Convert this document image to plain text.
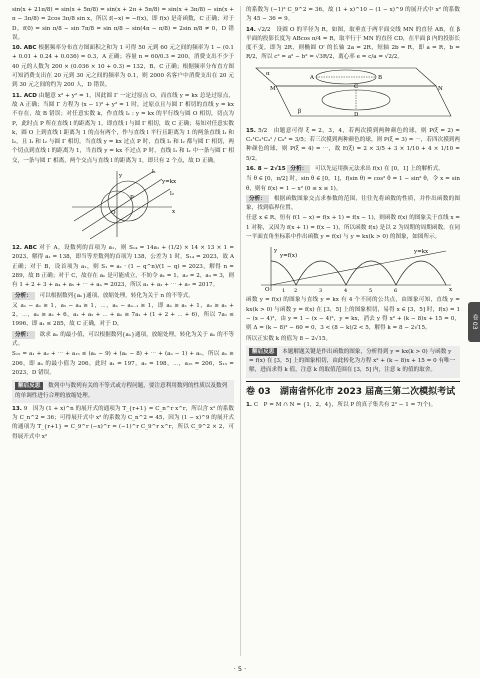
sin(x + 21π/8) = sin(x + 5π/8) = sin(x + 2π + 5π/8) = sin(x + 3π/8) − sin(x + π − 3π/8) = 2cos 3π/8 sin x，所以 f(−x) = −f(x)，即 f(x) 是奇函数，C 正确；对于 D，f(0) = sin π/8 − sin 7π/8 = sin π/8 − sin(4π − π/8) = 2sin π/8 ≠ 0，D 错误。

10. ABC 根据频率分布直方图面积之和为 1 可得 50 元到 60 元之间的频率为 1 − (0.1 + 0.01 + 0.24 + 0.036) = 0.3，A 正确；容量 n = 60/0.3 = 200，消费支出不少于 40 元的人数为 200 × (0.036 × 10 + 0.3) = 132，B、C 正确；根据频率分布直方图可知消费支出在 20 元到 30 元之间的频率为 0.1，则 2000 名客户中消费支出在 20 元到 30 元之间的约为 200 人，D 错误。

11. ACD 由题意 x² + y² = 1，因此圆 Γ 一定过原点 O，而直线 y = kx 总是过原点，故 A 正确；当圆 Γ 方程为 (x − 1)² + y² = 1 时，过原点且与圆 Γ 相切的直线 y = kx 不存在，故 B 错误；对任意实数 k，作直线 l₁ : y = kx 的平行线与圆 O 相切，切点为 P，此时点 P 所在直线 l 的距离为 1，即直线 l 与圆 Γ 相切，故 C 正确；易知对任意实数 k，圆 O 上到直线 l 距离为 1 的点有两个，作与直线 l 平行且距离为 1 的两条直线 l₁ 和 l₂，且 l₁ 和 l₂ 与圆 Γ 相切，当直线 y = kx 过点 P 时，直线 l₁ 和 l₂ 都与圆 Γ 相切，两个切点到直线 l 的距离为 1，当直线 y = kx 不过点 P 时，直线 l₁ 和 l₂ 中一条与圆 Γ 相交，一条与圆 Γ 相离，两个交点与直线 l 的距离为 1，即只有 2 个点，故 D 正确。

y
O	x
y=kx
l₁
l₂
P

12. ABC 对于 A，设数列的首项为 a₁，则 S₁₄ = 14a₁ + (1/2) × 14 × 13 × 1 = 2023，解得 a₁ = 138，即当等差数列的首项为 138，公差为 1 时，S₁₄ = 2023，故 A 正确；对于 B，设首项为 a₁，则 S₁ = a₁ · (1 − q^n)/(1 − q) = 2023，解得 n = 289，故 B 正确；对于 C，故存在 aₙ 是可能成立，不妨令 a₁ = 1，a₂ = 2，a₃ = 3，则有 1 + 2 + 3 + a₄ + a₅ + ⋯ + aₙ = 2023，所以 a₁ + a₂ + ⋯ + a₇ = 2017。

分析： 可以根据数列{aₙ}通项，放缩处理，转化为关于 n 的不等式。

又 aₙ − a₁ ≥ 1，a₅ − a₄ ≥ 1，⋯，aₙ − aₙ₋₁ ≥ 1，即 aₙ ≥ a₁ + 1，a₂ ≥ a₁ + 2，⋯，aₙ ≥ a₁ + 6，a₁ + a₂ + ⋯ + aₙ ≥ 7a₁ + (1 + 2 + ⋯ + 6)，所以 7a₁ ≤ 1996，即 a₁ ≤ 285，故 C 正确，对于 D，

分析： 欲求 aₙ 的最小值，可以根据数列{aₙ}通项，放缩处理，转化为关于 aₙ 的不等式。

S₁₅ = a₁ + a₂ + ⋯ + a₁₅ ≤ (aₙ − 9) + (aₙ − 8) + ⋯ + (aₙ − 1) + aₙ，所以 aₙ ≥ 206，即 aₙ 的最小值为 206，此时 a₁ = 197，a₂ = 198，⋯，a₁₅ = 206，S₁₅ = 2023，D 错误。

解后反思 数列中与数列有关的不等式或方程问题，要注意利用数列的性质以及数列的单调性进行合理的放缩处理。

13. 9　因为 (1 + x)^n 的展开式的通项为 T_{r+1} = C_n^r x^r，所以含 x² 的系数为 C_n^2 = 36；可得展开式中 x² 的系数为 C_n^2 = 45，因为 (1 − x)^9 的展开式的通项为 T_{r+1} = C_9^r (−x)^r = (−1)^r C_9^r x^r，所以 C_9^2 × 2，可得展开式中 x²

的系数为 (−1)² C_9^2 = 36，故 (1 + x)^10 − (1 − x)^9 的展开式中 x² 的系数为 45 − 36 = 9。

14. √2/2　设圆 O 的半径为 R，如图，取垂直于两平面交线 MN 的直径 AB，在 β 平面的投影长度为 ABcos π/4 = R，取平行于 MN 的直径 CD，在平面 β 内的投影长度不变，即为 2R，则椭圆 O' 的长轴 2a = 2R，短轴 2b = R，即 a = R，b = R/2，所以 c² = a² − b² = √3R/2，离心率 e = c/a = √2/2。

A	B
C
D
M	N
β
α

15. 5/2　由题意可得 ξ = 2，3，4，若两次摸到两种颜色的球，则 P(ξ = 2) = C₂¹C₃¹C₄¹ / C₉³ = 3/5；若三次摸到两种颜色的球，则 P(ξ = 3) = ⋯，若四次摸到两种颜色的球，则 P(ξ = 4) = ⋯，故 E(ξ) = 2 × 3/5 + 3 × 1/10 + 4 × 1/10 = 5/2。

16. 8 − 2√15 分析： 可以先运用换元法求出 f(x) 在 [0，1] 上的解析式。

当 θ ∈ [0，π/2] 时，sin θ ∈ [0，1]，f(sin θ) = cos² θ = 1 − sin² θ，令 x = sin θ，则有 f(x) = 1 − x² (0 ≤ x ≤ 1)。

分析： 根据函数图象交点求参数的范围，往往先将函数的性质，并作出函数的图象，找到临界位置。

任意 x ∈ R，恒有 f(1 − x) = f(x + 1) = f(x − 1)，则函数 f(x) 的图象关于直线 x = 1 对称，又因为 f(x + 1) = f(x − 1)，所以函数 f(x) 是以 2 为周期的周期函数。在同一平面直角坐标系中作出函数 y = f(x) 与 y = kx(k > 0) 的图象，如图所示。

y
O	x
y=kx
y=f(x)
1 2	3	4	5	6

函数 y = f(x) 的图象与直线 y = kx 有 4 个不同的公共点，由图象可知，直线 y = kx(k > 0) 与函数 y = f(x) 在 [3，5] 上的图象相切，易得 x ∈ [3，5] 时，f(x) = 1 − (x − 4)²，由 y = 1 − (x − 4)²，y = kx，消去 y 得 x² + (k − 8)x + 15 = 0，则 Δ = (k − 8)² − 60 = 0，3 < (8 − k)/2 < 5，解得 k = 8 − 2√15。

所以正实数 k 的值为 8 − 2√15。

解后反思 本题解题关键是作出函数的图象，分析得到 y = kx(k > 0) 与函数 y = f(x) 在 [3，5] 上的图象相切，由此转化为方程 x² + (k − 8)x + 15 = 0 有唯一解，进而求得 k 值，注意 k 的取值范围在 [3，5] 内，注意 k 的值的取舍。
卷 03 湖南省怀化市 2023 届高三第二次模拟考试

1. C　P = M ∩ N = {1，2，4}，所以 P 的真子集共有 2³ − 1 = 7(个)。

卷 03
· 5 ·
